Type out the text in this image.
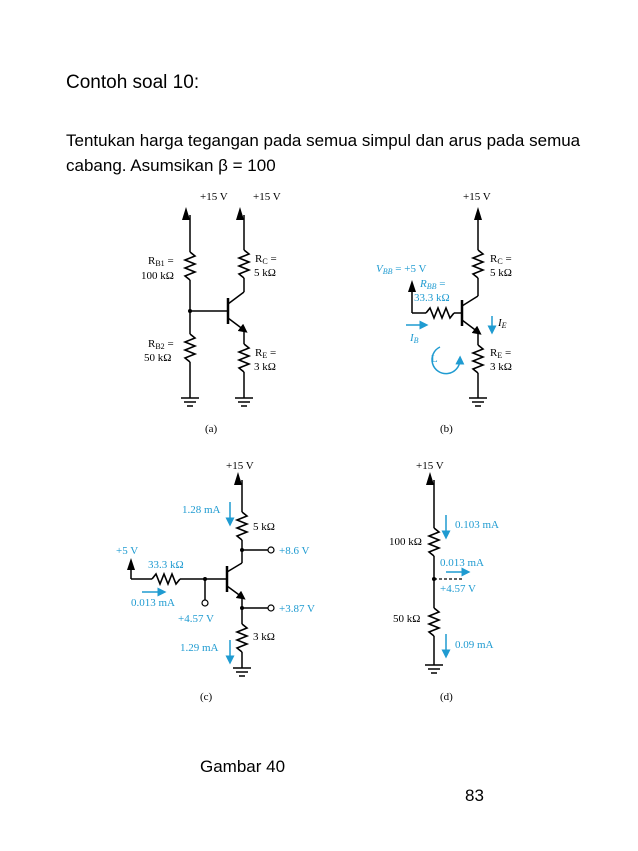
Contoh soal 10:
Tentukan harga tegangan pada semua simpul dan arus pada semua cabang. Asumsikan β = 100
+15 V
RB1 =
100 kΩ
RB2 =
50 kΩ
+15 V
RC =
5 kΩ
RE =
3 kΩ
(a)
+15 V
RC =
5 kΩ
RE =
3 kΩ
IE
VBB = +5 V
RBB =
33.3 kΩ
IB
L
(b)
+15 V
5 kΩ
1.28 mA
+8.6 V
+3.87 V
3 kΩ
1.29 mA
+5 V
33.3 kΩ
0.013 mA
+4.57 V
(c)
+15 V
100 kΩ
0.103 mA
0.013 mA
+4.57 V
50 kΩ
0.09 mA
(d)
Gambar 40
83
